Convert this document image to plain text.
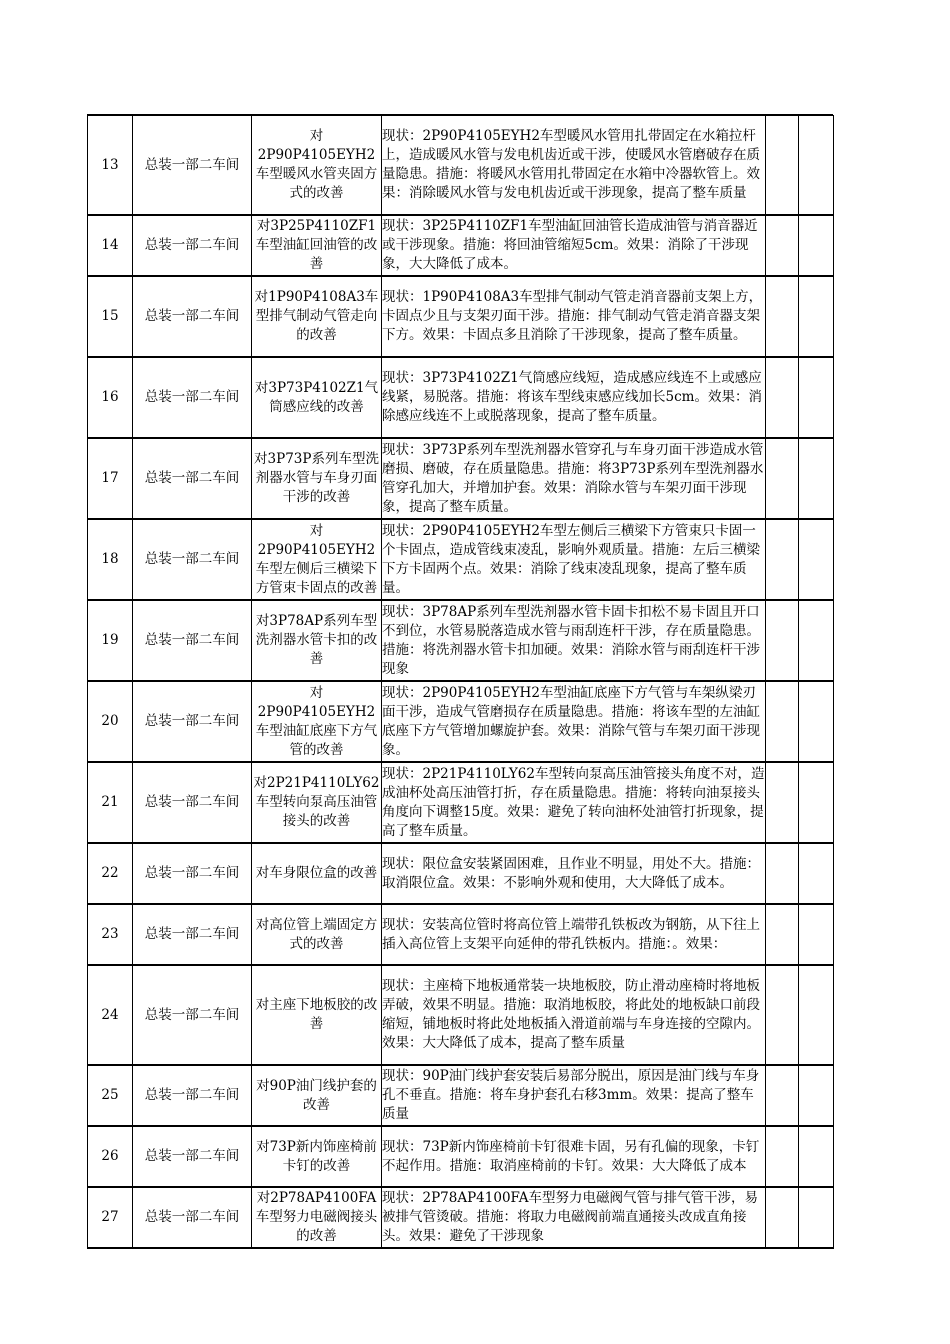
13	总装一部二车间	对2P90P4105EYH2车型暖风水管夹固方式的改善	现状：2P90P4105EYH2车型暖风水管用扎带固定在水箱拉杆上，造成暖风水管与发电机齿近或干涉，使暖风水管磨破存在质量隐患。措施：将暖风水管用扎带固定在水箱中冷器软管上。效果：消除暖风水管与发电机齿近或干涉现象，提高了整车质量		
14	总装一部二车间	对3P25P4110ZF1车型油缸回油管的改善	现状：3P25P4110ZF1车型油缸回油管长造成油管与消音器近或干涉现象。措施：将回油管缩短5cm。效果：消除了干涉现象，大大降低了成本。		
15	总装一部二车间	对1P90P4108A3车型排气制动气管走向的改善	现状：1P90P4108A3车型排气制动气管走消音器前支架上方，卡固点少且与支架刃面干涉。措施：排气制动气管走消音器支架下方。效果：卡固点多且消除了干涉现象，提高了整车质量。		
16	总装一部二车间	对3P73P4102Z1气筒感应线的改善	现状：3P73P4102Z1气筒感应线短，造成感应线连不上或感应线紧，易脱落。措施：将该车型线束感应线加长5cm。效果：消除感应线连不上或脱落现象，提高了整车质量。		
17	总装一部二车间	对3P73P系列车型洗剂器水管与车身刃面干涉的改善	现状：3P73P系列车型洗剂器水管穿孔与车身刃面干涉造成水管磨损、磨破，存在质量隐患。措施：将3P73P系列车型洗剂器水管穿孔加大，并增加护套。效果：消除水管与车架刃面干涉现象，提高了整车质量。		
18	总装一部二车间	对2P90P4105EYH2车型左侧后三横梁下方管束卡固点的改善	现状：2P90P4105EYH2车型左侧后三横梁下方管束只卡固一个卡固点，造成管线束凌乱，影响外观质量。措施：左后三横梁下方卡固两个点。效果：消除了线束凌乱现象，提高了整车质量。		
19	总装一部二车间	对3P78AP系列车型洗剂器水管卡扣的改善	现状：3P78AP系列车型洗剂器水管卡固卡扣松不易卡固且开口不到位，水管易脱落造成水管与雨刮连杆干涉，存在质量隐患。措施：将洗剂器水管卡扣加硬。效果：消除水管与雨刮连杆干涉现象		
20	总装一部二车间	对2P90P4105EYH2车型油缸底座下方气管的改善	现状：2P90P4105EYH2车型油缸底座下方气管与车架纵梁刃面干涉，造成气管磨损存在质量隐患。措施：将该车型的左油缸底座下方气管增加螺旋护套。效果：消除气管与车架刃面干涉现象。		
21	总装一部二车间	对2P21P4110LY62车型转向泵高压油管接头的改善	现状：2P21P4110LY62车型转向泵高压油管接头角度不对，造成油杯处高压油管打折，存在质量隐患。措施：将转向油泵接头角度向下调整15度。效果：避免了转向油杯处油管打折现象，提高了整车质量。		
22	总装一部二车间	对车身限位盒的改善	现状：限位盒安装紧固困难，且作业不明显，用处不大。措施：取消限位盒。效果：不影响外观和使用，大大降低了成本。		
23	总装一部二车间	对高位管上端固定方式的改善	现状：安装高位管时将高位管上端带孔铁板改为钢筋，从下往上插入高位管上支架平向延伸的带孔铁板内。措施：。效果：		
24	总装一部二车间	对主座下地板胶的改善	现状：主座椅下地板通常装一块地板胶，防止滑动座椅时将地板弄破，效果不明显。措施：取消地板胶，将此处的地板缺口前段缩短，铺地板时将此处地板插入滑道前端与车身连接的空隙内。效果：大大降低了成本，提高了整车质量		
25	总装一部二车间	对90P油门线护套的改善	现状：90P油门线护套安装后易部分脱出，原因是油门线与车身孔不垂直。措施：将车身护套孔右移3mm。效果：提高了整车质量		
26	总装一部二车间	对73P新内饰座椅前卡钉的改善	现状：73P新内饰座椅前卡钉很难卡固，另有孔偏的现象，卡钉不起作用。措施：取消座椅前的卡钉。效果：大大降低了成本		
27	总装一部二车间	对2P78AP4100FA车型努力电磁阀接头的改善	现状：2P78AP4100FA车型努力电磁阀气管与排气管干涉，易被排气管烫破。措施：将取力电磁阀前端直通接头改成直角接头。效果：避免了干涉现象		
